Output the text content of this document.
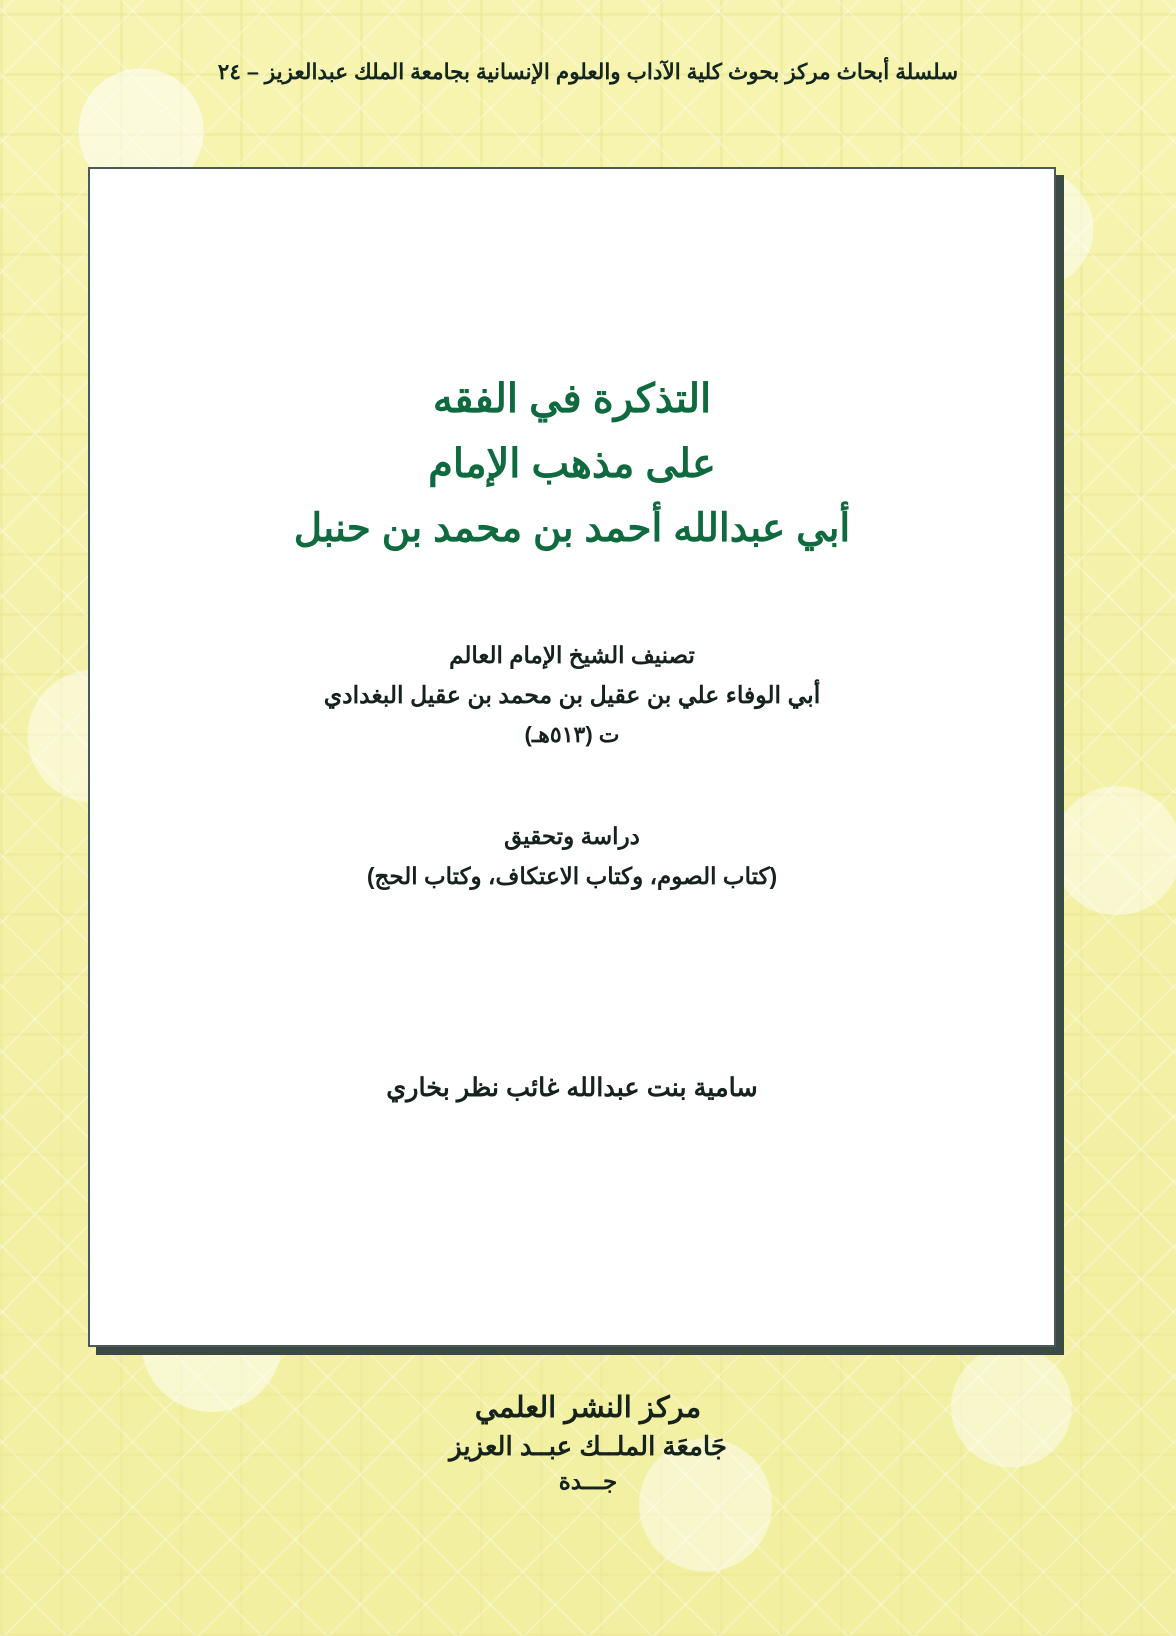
سلسلة أبحاث مركز بحوث كلية الآداب والعلوم الإنسانية بجامعة الملك عبدالعزيز – ٢٤
التذكرة في الفقه
على مذهب الإمام
أبي عبدالله أحمد بن محمد بن حنبل
تصنيف الشيخ الإمام العالم
أبي الوفاء علي بن عقيل بن محمد بن عقيل البغدادي
ت (٥١٣هـ)
دراسة وتحقيق
(كتاب الصوم، وكتاب الاعتكاف، وكتاب الحج)
سامية بنت عبدالله غائب نظر بخاري
مركز النشر العلمي
جَامعَة الملــك عبــد العزيز
جـــدة
